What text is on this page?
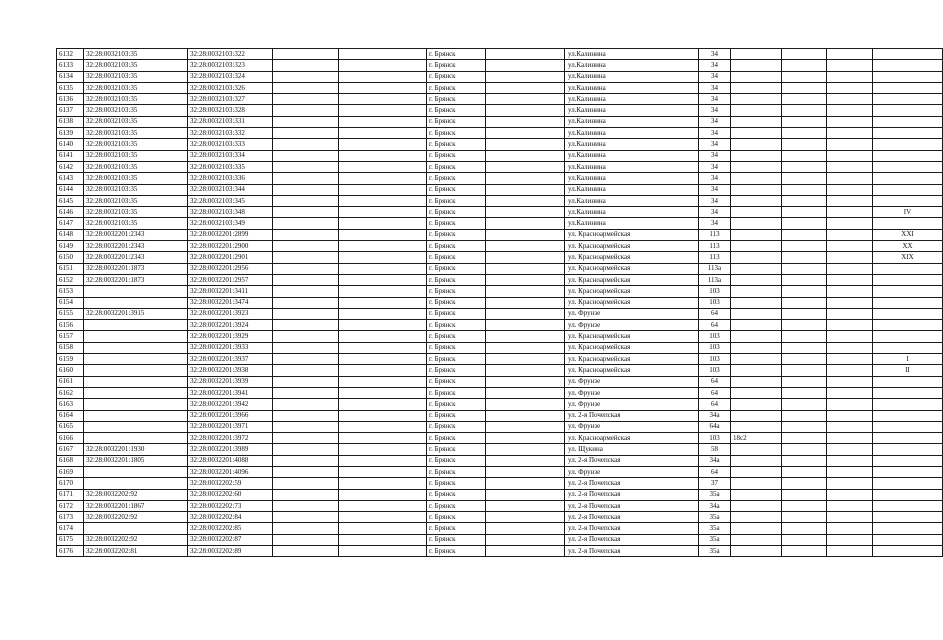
6132	32:28:0032103:35	32:28:0032103:322			г. Брянск		ул.Калинина	34				
6133	32:28:0032103:35	32:28:0032103:323			г. Брянск		ул.Калинина	34				
6134	32:28:0032103:35	32:28:0032103:324			г. Брянск		ул.Калинина	34				
6135	32:28:0032103:35	32:28:0032103:326			г. Брянск		ул.Калинина	34				
6136	32:28:0032103:35	32:28:0032103:327			г. Брянск		ул.Калинина	34				
6137	32:28:0032103:35	32:28:0032103:328			г. Брянск		ул.Калинина	34				
6138	32:28:0032103:35	32:28:0032103:331			г. Брянск		ул.Калинина	34				
6139	32:28:0032103:35	32:28:0032103:332			г. Брянск		ул.Калинина	34				
6140	32:28:0032103:35	32:28:0032103:333			г. Брянск		ул.Калинина	34				
6141	32:28:0032103:35	32:28:0032103:334			г. Брянск		ул.Калинина	34				
6142	32:28:0032103:35	32:28:0032103:335			г. Брянск		ул.Калинина	34				
6143	32:28:0032103:35	32:28:0032103:336			г. Брянск		ул.Калинина	34				
6144	32:28:0032103:35	32:28:0032103:344			г. Брянск		ул.Калинина	34				
6145	32:28:0032103:35	32:28:0032103:345			г. Брянск		ул.Калинина	34				
6146	32:28:0032103:35	32:28:0032103:348			г. Брянск		ул.Калинина	34				IV
6147	32:28:0032103:35	32:28:0032103:349			г. Брянск		ул.Калинина	34				
6148	32:28:0032201:2343	32:28:0032201:2899			г. Брянск		ул. Красноармейская	113				XXI
6149	32:28:0032201:2343	32:28:0032201:2900			г. Брянск		ул. Красноармейская	113				XX
6150	32:28:0032201:2343	32:28:0032201:2901			г. Брянск		ул. Красноармейская	113				XIX
6151	32:28:0032201:1873	32:28:0032201:2956			г. Брянск		ул. Красноармейская	113а				
6152	32:28:0032201:1873	32:28:0032201:2957			г. Брянск		ул. Красноармейская	113а				
6153		32:28:0032201:3411			г. Брянск		ул. Красноармейская	103				
6154		32:28:0032201:3474			г. Брянск		ул. Красноармейская	103				
6155	32:28:0032201:3915	32:28:0032201:3923			г. Брянск		ул. Фрунзе	64				
6156		32:28:0032201:3924			г. Брянск		ул. Фрунзе	64				
6157		32:28:0032201:3929			г. Брянск		ул. Красноармейская	103				
6158		32:28:0032201:3933			г. Брянск		ул. Красноармейская	103				
6159		32:28:0032201:3937			г. Брянск		ул. Красноармейская	103				I
6160		32:28:0032201:3938			г. Брянск		ул. Красноармейская	103				II
6161		32:28:0032201:3939			г. Брянск		ул. Фрунзе	64				
6162		32:28:0032201:3941			г. Брянск		ул. Фрунзе	64				
6163		32:28:0032201:3942			г. Брянск		ул. Фрунзе	64				
6164		32:28:0032201:3966			г. Брянск		ул. 2-я Почепская	34а				
6165		32:28:0032201:3971			г. Брянск		ул. Фрунзе	64а				
6166		32:28:0032201:3972			г. Брянск		ул. Красноармейская	103	18с2			
6167	32:28:0032201:1930	32:28:0032201:3989			г. Брянск		ул. Щукина	58				
6168	32:28:0032201:1805	32:28:0032201:4088			г. Брянск		ул. 2-я Почепская	34а				
6169		32:28:0032201:4096			г. Брянск		ул. Фрунзе	64				
6170		32:28:0032202:59			г. Брянск		ул. 2-я Почепская	37				
6171	32:28:0032202:92	32:28:0032202:60			г. Брянск		ул. 2-я Почепская	35а				
6172	32:28:0032201:1867	32:28:0032202:73			г. Брянск		ул. 2-я Почепская	34а				
6173	32:28:0032202:92	32:28:0032202:84			г. Брянск		ул. 2-я Почепская	35а				
6174		32:28:0032202:85			г. Брянск		ул. 2-я Почепская	35а				
6175	32:28:0032202:92	32:28:0032202:87			г. Брянск		ул. 2-я Почепская	35а				
6176	32:28:0032202:81	32:28:0032202:89			г. Брянск		ул. 2-я Почепская	35а				
